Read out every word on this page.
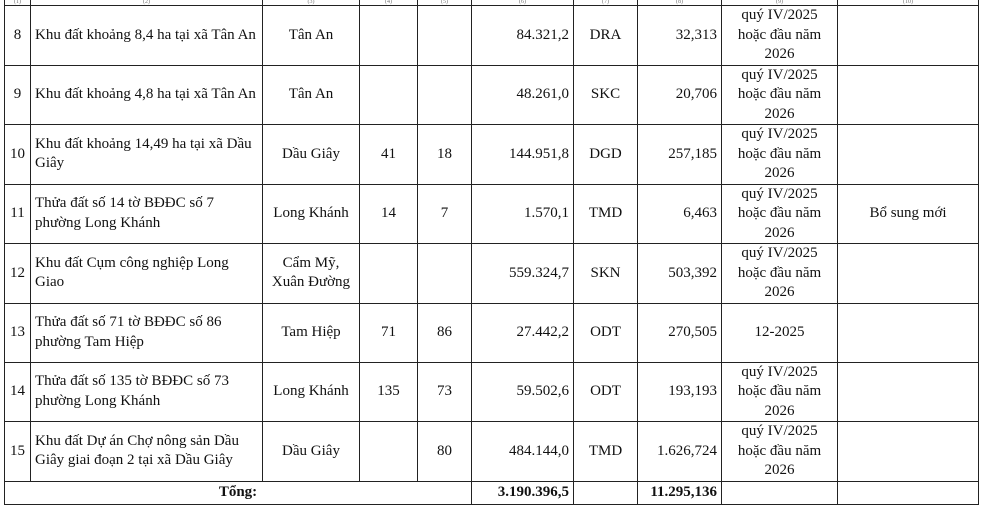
(1)	(2)	(3)	(4)	(5)	(6)	(7)	(8)	(9)	(10)
8	Khu đất khoảng 8,4 ha tại xã Tân An	Tân An			84.321,2	DRA	32,313	quý IV/2025 hoặc đầu năm 2026	
9	Khu đất khoảng 4,8 ha tại xã Tân An	Tân An			48.261,0	SKC	20,706	quý IV/2025 hoặc đầu năm 2026	
10	Khu đất khoảng 14,49 ha tại xã Dầu Giây	Dầu Giây	41	18	144.951,8	DGD	257,185	quý IV/2025 hoặc đầu năm 2026	
11	Thửa đất số 14 tờ BĐĐC số 7 phường Long Khánh	Long Khánh	14	7	1.570,1	TMD	6,463	quý IV/2025 hoặc đầu năm 2026	Bổ sung mới
12	Khu đất Cụm công nghiệp Long Giao	Cẩm Mỹ, Xuân Đường			559.324,7	SKN	503,392	quý IV/2025 hoặc đầu năm 2026	
13	Thửa đất số 71 tờ BĐĐC số 86 phường Tam Hiệp	Tam Hiệp	71	86	27.442,2	ODT	270,505	12-2025	
14	Thửa đất số 135 tờ BĐĐC số 73 phường Long Khánh	Long Khánh	135	73	59.502,6	ODT	193,193	quý IV/2025 hoặc đầu năm 2026	
15	Khu đất Dự án Chợ nông sản Dầu Giây giai đoạn 2 tại xã Dầu Giây	Dầu Giây		80	484.144,0	TMD	1.626,724	quý IV/2025 hoặc đầu năm 2026	
Tổng:					3.190.396,5		11.295,136		
